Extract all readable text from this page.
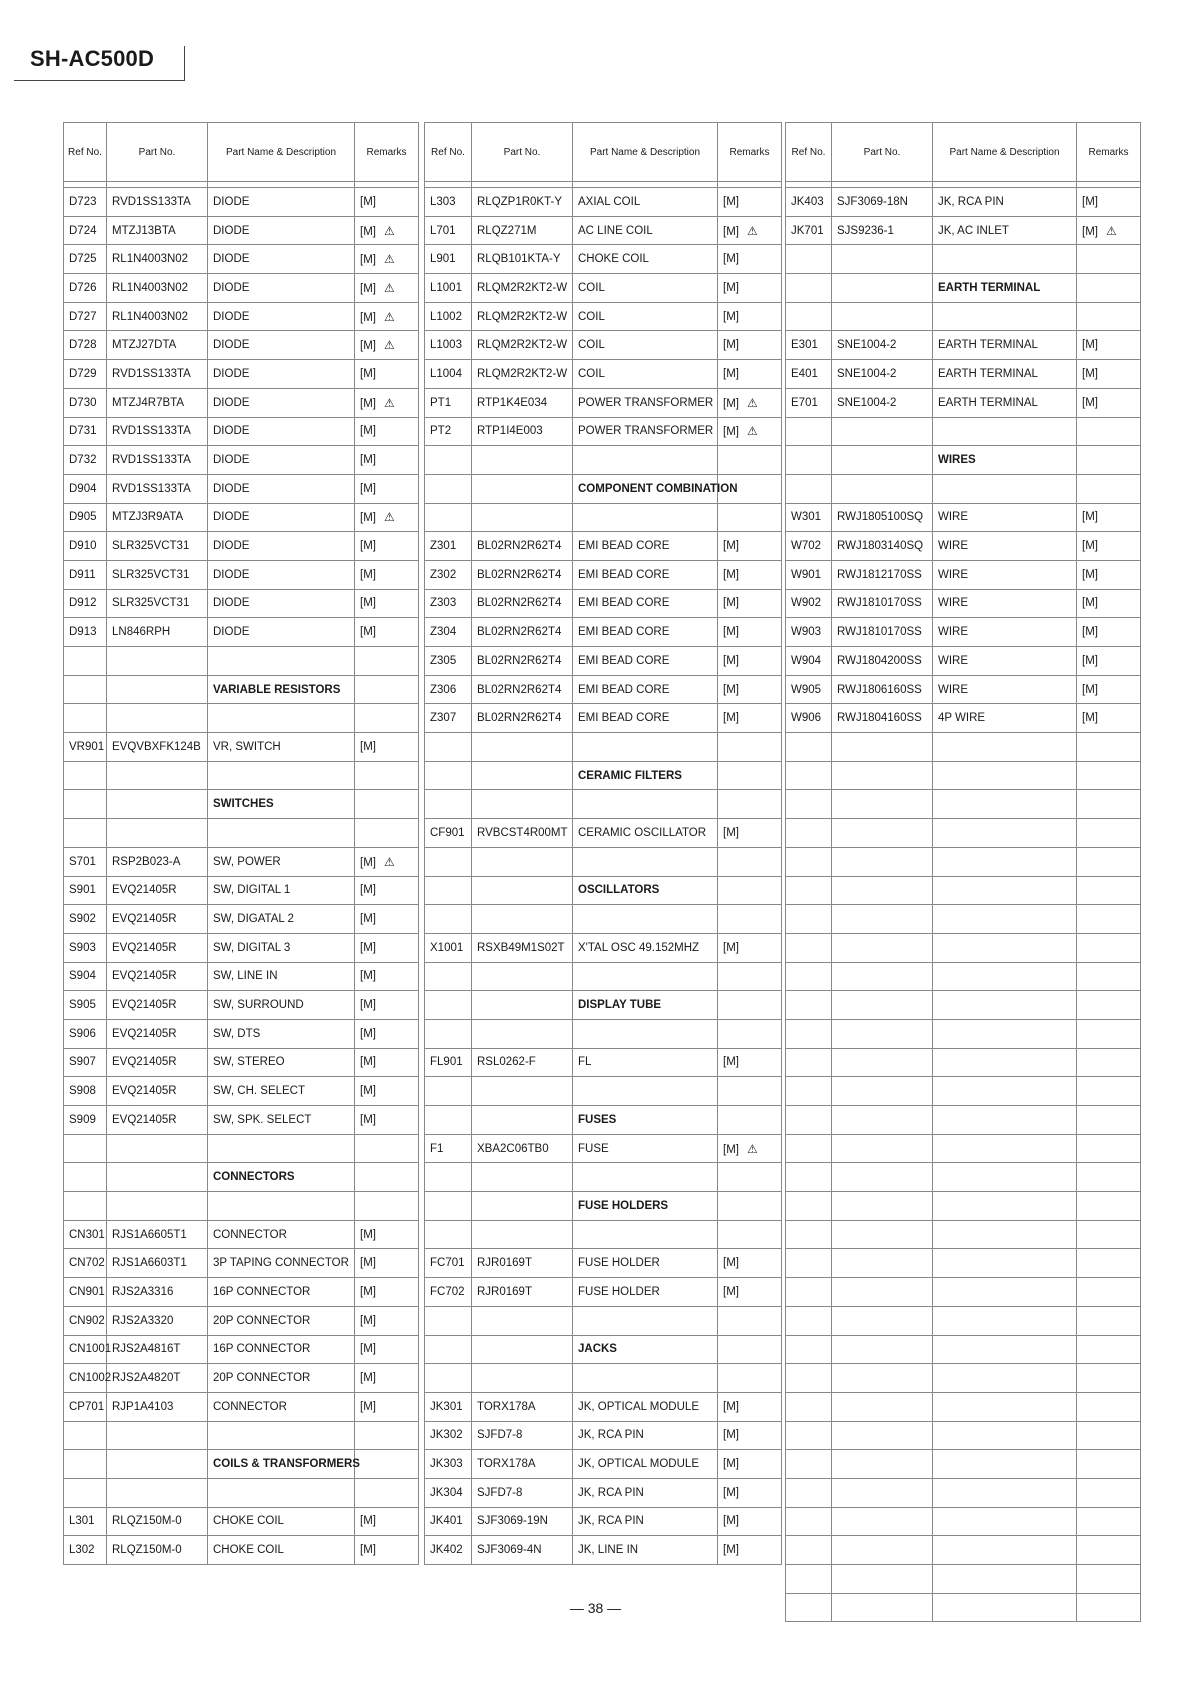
SH-AC500D
Ref No.	Part No.	Part Name & Description	Remarks

D723	RVD1SS133TA	DIODE	[M]
D724	MTZJ13BTA	DIODE	[M] ⚠
D725	RL1N4003N02	DIODE	[M] ⚠
D726	RL1N4003N02	DIODE	[M] ⚠
D727	RL1N4003N02	DIODE	[M] ⚠
D728	MTZJ27DTA	DIODE	[M] ⚠
D729	RVD1SS133TA	DIODE	[M]
D730	MTZJ4R7BTA	DIODE	[M] ⚠
D731	RVD1SS133TA	DIODE	[M]
D732	RVD1SS133TA	DIODE	[M]
D904	RVD1SS133TA	DIODE	[M]
D905	MTZJ3R9ATA	DIODE	[M] ⚠
D910	SLR325VCT31	DIODE	[M]
D911	SLR325VCT31	DIODE	[M]
D912	SLR325VCT31	DIODE	[M]
D913	LN846RPH	DIODE	[M]

		VARIABLE RESISTORS	

VR901	EVQVBXFK124B	VR, SWITCH	[M]

		SWITCHES	

S701	RSP2B023-A	SW, POWER	[M] ⚠
S901	EVQ21405R	SW, DIGITAL 1	[M]
S902	EVQ21405R	SW, DIGATAL 2	[M]
S903	EVQ21405R	SW, DIGITAL 3	[M]
S904	EVQ21405R	SW, LINE IN	[M]
S905	EVQ21405R	SW, SURROUND	[M]
S906	EVQ21405R	SW, DTS	[M]
S907	EVQ21405R	SW, STEREO	[M]
S908	EVQ21405R	SW, CH. SELECT	[M]
S909	EVQ21405R	SW, SPK. SELECT	[M]

		CONNECTORS	

CN301	RJS1A6605T1	CONNECTOR	[M]
CN702	RJS1A6603T1	3P TAPING CONNECTOR	[M]
CN901	RJS2A3316	16P CONNECTOR	[M]
CN902	RJS2A3320	20P CONNECTOR	[M]
CN1001	RJS2A4816T	16P CONNECTOR	[M]
CN1002	RJS2A4820T	20P CONNECTOR	[M]
CP701	RJP1A4103	CONNECTOR	[M]

		COILS & TRANSFORMERS	

L301	RLQZ150M-0	CHOKE COIL	[M]
L302	RLQZ150M-0	CHOKE COIL	[M]
Ref No.	Part No.	Part Name & Description	Remarks

L303	RLQZP1R0KT-Y	AXIAL COIL	[M]
L701	RLQZ271M	AC LINE COIL	[M] ⚠
L901	RLQB101KTA-Y	CHOKE COIL	[M]
L1001	RLQM2R2KT2-W	COIL	[M]
L1002	RLQM2R2KT2-W	COIL	[M]
L1003	RLQM2R2KT2-W	COIL	[M]
L1004	RLQM2R2KT2-W	COIL	[M]
PT1	RTP1K4E034	POWER TRANSFORMER	[M] ⚠
PT2	RTP1I4E003	POWER TRANSFORMER	[M] ⚠

		COMPONENT COMBINATION	

Z301	BL02RN2R62T4	EMI BEAD CORE	[M]
Z302	BL02RN2R62T4	EMI BEAD CORE	[M]
Z303	BL02RN2R62T4	EMI BEAD CORE	[M]
Z304	BL02RN2R62T4	EMI BEAD CORE	[M]
Z305	BL02RN2R62T4	EMI BEAD CORE	[M]
Z306	BL02RN2R62T4	EMI BEAD CORE	[M]
Z307	BL02RN2R62T4	EMI BEAD CORE	[M]

		CERAMIC FILTERS	

CF901	RVBCST4R00MT	CERAMIC OSCILLATOR	[M]

		OSCILLATORS	

X1001	RSXB49M1S02T	X'TAL OSC 49.152MHZ	[M]

		DISPLAY TUBE	

FL901	RSL0262-F	FL	[M]

		FUSES	
F1	XBA2C06TB0	FUSE	[M] ⚠

		FUSE HOLDERS	

FC701	RJR0169T	FUSE HOLDER	[M]
FC702	RJR0169T	FUSE HOLDER	[M]

		JACKS	

JK301	TORX178A	JK, OPTICAL MODULE	[M]
JK302	SJFD7-8	JK, RCA PIN	[M]
JK303	TORX178A	JK, OPTICAL MODULE	[M]
JK304	SJFD7-8	JK, RCA PIN	[M]
JK401	SJF3069-19N	JK, RCA PIN	[M]
JK402	SJF3069-4N	JK, LINE IN	[M]
Ref No.	Part No.	Part Name & Description	Remarks

JK403	SJF3069-18N	JK, RCA PIN	[M]
JK701	SJS9236-1	JK, AC INLET	[M] ⚠

		EARTH TERMINAL	

E301	SNE1004-2	EARTH TERMINAL	[M]
E401	SNE1004-2	EARTH TERMINAL	[M]
E701	SNE1004-2	EARTH TERMINAL	[M]

		WIRES	

W301	RWJ1805100SQ	WIRE	[M]
W702	RWJ1803140SQ	WIRE	[M]
W901	RWJ1812170SS	WIRE	[M]
W902	RWJ1810170SS	WIRE	[M]
W903	RWJ1810170SS	WIRE	[M]
W904	RWJ1804200SS	WIRE	[M]
W905	RWJ1806160SS	WIRE	[M]
W906	RWJ1804160SS	4P WIRE	[M]

— 38 —
